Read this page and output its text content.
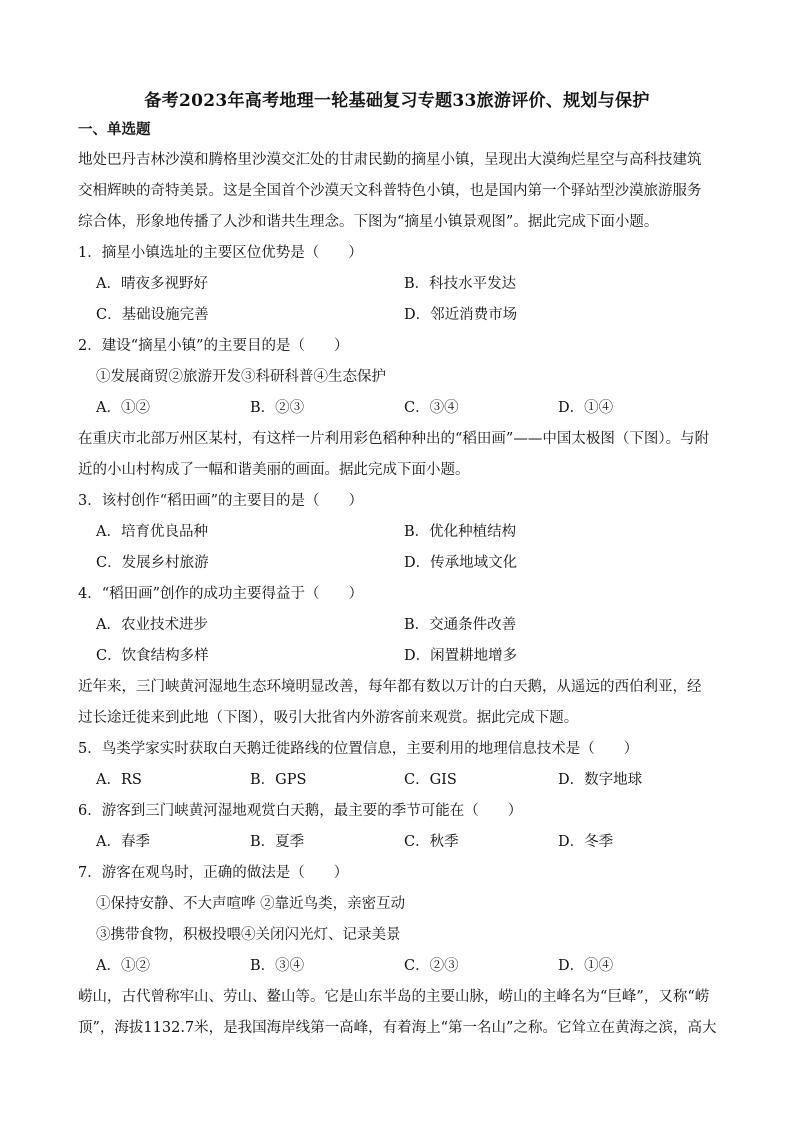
备考2023年高考地理一轮基础复习专题33旅游评价、规划与保护
一、单选题
地处巴丹吉林沙漠和腾格里沙漠交汇处的甘肃民勤的摘星小镇，呈现出大漠绚烂星空与高科技建筑
交相辉映的奇特美景。这是全国首个沙漠天文科普特色小镇，也是国内第一个驿站型沙漠旅游服务
综合体，形象地传播了人沙和谐共生理念。下图为“摘星小镇景观图”。据此完成下面小题。
1．摘星小镇选址的主要区位优势是（　　）
A．晴夜多视野好	B．科技水平发达
C．基础设施完善	D．邻近消费市场
2．建设“摘星小镇”的主要目的是（　　）
①发展商贸②旅游开发③科研科普④生态保护
A．①②	B．②③	C．③④	D．①④
在重庆市北部万州区某村，有这样一片利用彩色稻种种出的“稻田画”——中国太极图（下图）。与附
近的小山村构成了一幅和谐美丽的画面。据此完成下面小题。
3．该村创作“稻田画”的主要目的是（　　）
A．培育优良品种	B．优化种植结构
C．发展乡村旅游	D．传承地域文化
4．“稻田画”创作的成功主要得益于（　　）
A．农业技术进步	B．交通条件改善
C．饮食结构多样	D．闲置耕地增多
近年来，三门峡黄河湿地生态环境明显改善，每年都有数以万计的白天鹅，从遥远的西伯利亚，经
过长途迁徙来到此地（下图），吸引大批省内外游客前来观赏。据此完成下题。
5．鸟类学家实时获取白天鹅迁徙路线的位置信息，主要利用的地理信息技术是（　　）
A．RS	B．GPS	C．GIS	D．数字地球
6．游客到三门峡黄河湿地观赏白天鹅，最主要的季节可能在（　　）
A．春季	B．夏季	C．秋季	D．冬季
7．游客在观鸟时，正确的做法是（　　）
①保持安静、不大声喧哗 ②靠近鸟类，亲密互动
③携带食物，积极投喂④关闭闪光灯、记录美景
A．①②	B．③④	C．②③	D．①④
崂山，古代曾称牢山、劳山、鳌山等。它是山东半岛的主要山脉，崂山的主峰名为“巨峰”，又称“崂
顶”，海拔1132.7米，是我国海岸线第一高峰，有着海上“第一名山”之称。它耸立在黄海之滨，高大
